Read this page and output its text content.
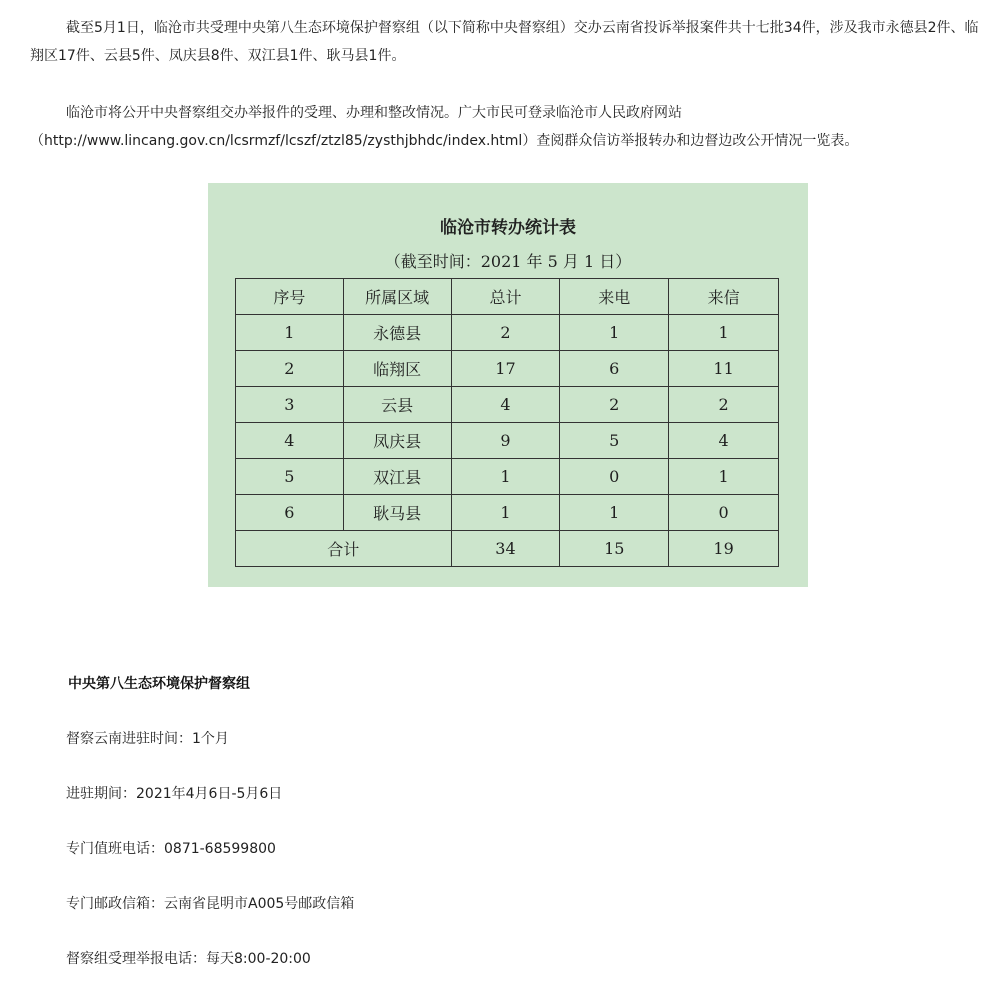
截至5月1日，临沧市共受理中央第八生态环境保护督察组（以下简称中央督察组）交办云南省投诉举报案件共十七批34件，涉及我市永德县2件、临翔区17件、云县5件、凤庆县8件、双江县1件、耿马县1件。

临沧市将公开中央督察组交办举报件的受理、办理和整改情况。广大市民可登录临沧市人民政府网站
（http://www.lincang.gov.cn/lcsrmzf/lcszf/ztzl85/zysthjbhdc/index.html）查阅群众信访举报转办和边督边改公开情况一览表。

临沧市转办统计表
（截至时间：2021 年 5 月 1 日）
序号	所属区域	总计	来电	来信
1	永德县	2	1	1
2	临翔区	17	6	11
3	云县	4	2	2
4	凤庆县	9	5	4
5	双江县	1	0	1
6	耿马县	1	1	0
合计		34	15	19

中央第八生态环境保护督察组

督察云南进驻时间：1个月

进驻期间：2021年4月6日-5月6日

专门值班电话：0871-68599800

专门邮政信箱：云南省昆明市A005号邮政信箱

督察组受理举报电话：每天8:00-20:00
